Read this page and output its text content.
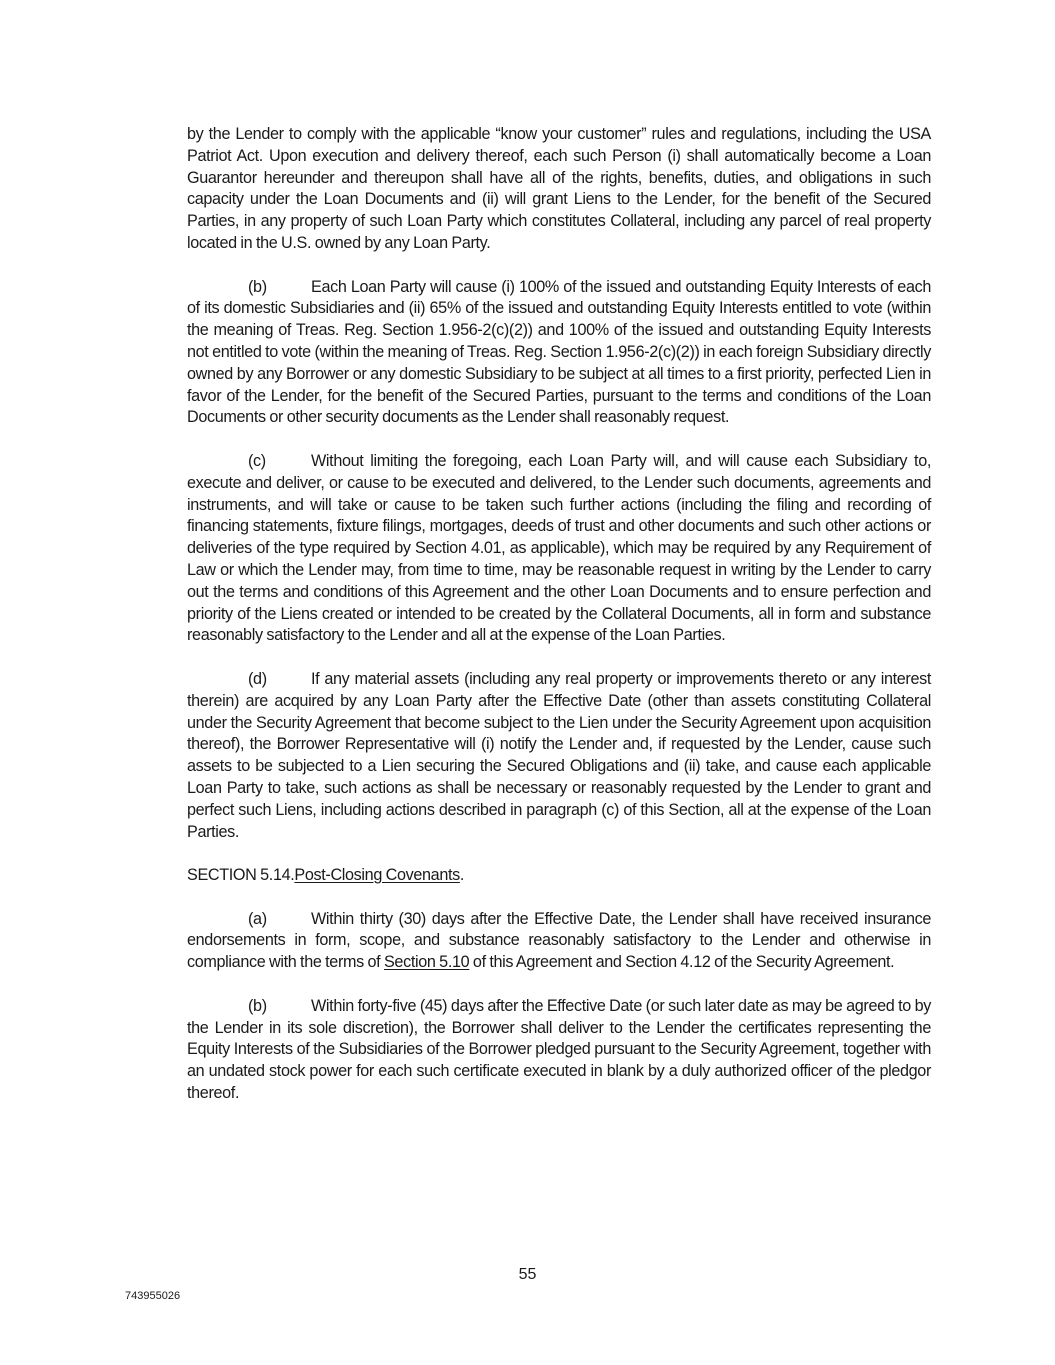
by the Lender to comply with the applicable “know your customer” rules and regulations, including the USA Patriot Act. Upon execution and delivery thereof, each such Person (i) shall automatically become a Loan Guarantor hereunder and thereupon shall have all of the rights, benefits, duties, and obligations in such capacity under the Loan Documents and (ii) will grant Liens to the Lender, for the benefit of the Secured Parties, in any property of such Loan Party which constitutes Collateral, including any parcel of real property located in the U.S. owned by any Loan Party.

(b)	Each Loan Party will cause (i) 100% of the issued and outstanding Equity Interests of each of its domestic Subsidiaries and (ii) 65% of the issued and outstanding Equity Interests entitled to vote (within the meaning of Treas. Reg. Section 1.956-2(c)(2)) and 100% of the issued and outstanding Equity Interests not entitled to vote (within the meaning of Treas. Reg. Section 1.956-2(c)(2)) in each foreign Subsidiary directly owned by any Borrower or any domestic Subsidiary to be subject at all times to a first priority, perfected Lien in favor of the Lender, for the benefit of the Secured Parties, pursuant to the terms and conditions of the Loan Documents or other security documents as the Lender shall reasonably request.

(c)	Without limiting the foregoing, each Loan Party will, and will cause each Subsidiary to, execute and deliver, or cause to be executed and delivered, to the Lender such documents, agreements and instruments, and will take or cause to be taken such further actions (including the filing and recording of financing statements, fixture filings, mortgages, deeds of trust and other documents and such other actions or deliveries of the type required by Section 4.01, as applicable), which may be required by any Requirement of Law or which the Lender may, from time to time, may be reasonable request in writing by the Lender to carry out the terms and conditions of this Agreement and the other Loan Documents and to ensure perfection and priority of the Liens created or intended to be created by the Collateral Documents, all in form and substance reasonably satisfactory to the Lender and all at the expense of the Loan Parties.

(d)	If any material assets (including any real property or improvements thereto or any interest therein) are acquired by any Loan Party after the Effective Date (other than assets constituting Collateral under the Security Agreement that become subject to the Lien under the Security Agreement upon acquisition thereof), the Borrower Representative will (i) notify the Lender and, if requested by the Lender, cause such assets to be subjected to a Lien securing the Secured Obligations and (ii) take, and cause each applicable Loan Party to take, such actions as shall be necessary or reasonably requested by the Lender to grant and perfect such Liens, including actions described in paragraph (c) of this Section, all at the expense of the Loan Parties.

SECTION 5.14.Post-Closing Covenants.

(a)	Within thirty (30) days after the Effective Date, the Lender shall have received insurance endorsements in form, scope, and substance reasonably satisfactory to the Lender and otherwise in compliance with the terms of Section 5.10 of this Agreement and Section 4.12 of the Security Agreement.

(b)	Within forty-five (45) days after the Effective Date (or such later date as may be agreed to by the Lender in its sole discretion), the Borrower shall deliver to the Lender the certificates representing the Equity Interests of the Subsidiaries of the Borrower pledged pursuant to the Security Agreement, together with an undated stock power for each such certificate executed in blank by a duly authorized officer of the pledgor thereof.

55
743955026
